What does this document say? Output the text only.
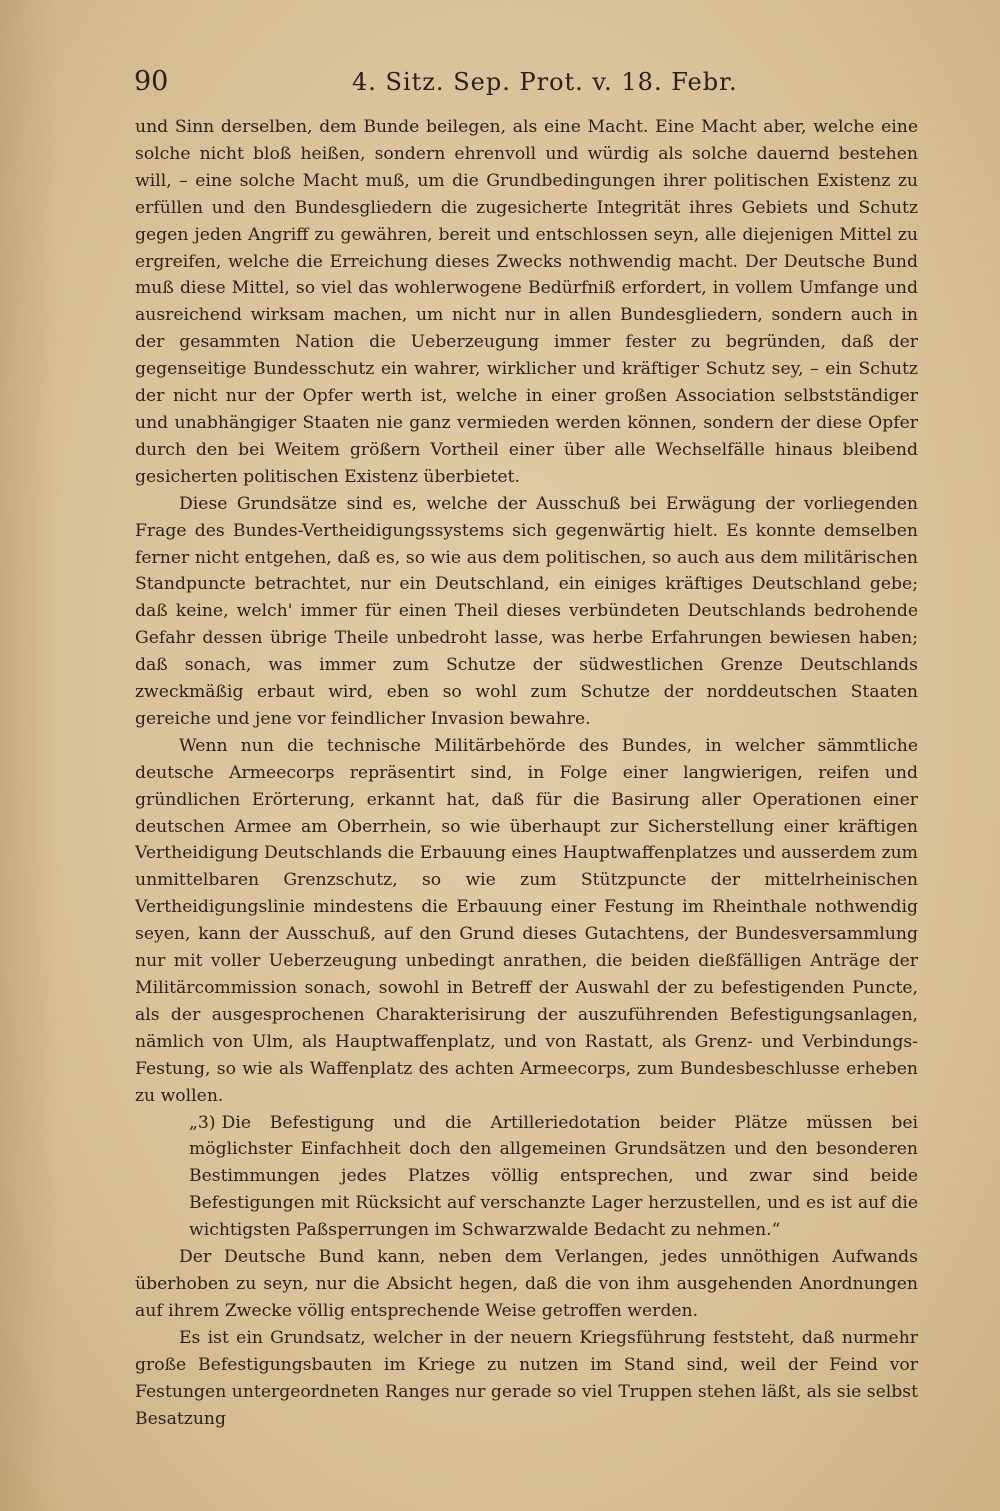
90	4. Sitz. Sep. Prot. v. 18. Febr.

und Sinn derselben, dem Bunde beilegen, als eine Macht. Eine Macht aber, welche eine solche nicht bloß heißen, sondern ehrenvoll und würdig als solche dauernd bestehen will, – eine solche Macht muß, um die Grundbedingungen ihrer politischen Existenz zu erfüllen und den Bundesgliedern die zugesicherte Integrität ihres Gebiets und Schutz gegen jeden Angriff zu gewähren, bereit und entschlossen seyn, alle diejenigen Mittel zu ergreifen, welche die Erreichung dieses Zwecks nothwendig macht. Der Deutsche Bund muß diese Mittel, so viel das wohlerwogene Bedürfniß erfordert, in vollem Umfange und ausreichend wirksam machen, um nicht nur in allen Bundesgliedern, sondern auch in der gesammten Nation die Ueberzeugung immer fester zu begründen, daß der gegenseitige Bundesschutz ein wahrer, wirklicher und kräftiger Schutz sey, – ein Schutz der nicht nur der Opfer werth ist, welche in einer großen Association selbstständiger und unabhängiger Staaten nie ganz vermieden werden können, sondern der diese Opfer durch den bei Weitem größern Vortheil einer über alle Wechselfälle hinaus bleibend gesicherten politischen Existenz überbietet.

Diese Grundsätze sind es, welche der Ausschuß bei Erwägung der vorliegenden Frage des Bundes-Vertheidigungssystems sich gegenwärtig hielt. Es konnte demselben ferner nicht entgehen, daß es, so wie aus dem politischen, so auch aus dem militärischen Standpuncte betrachtet, nur ein Deutschland, ein einiges kräftiges Deutschland gebe; daß keine, welch' immer für einen Theil dieses verbündeten Deutschlands bedrohende Gefahr dessen übrige Theile unbedroht lasse, was herbe Erfahrungen bewiesen haben; daß sonach, was immer zum Schutze der südwestlichen Grenze Deutschlands zweckmäßig erbaut wird, eben so wohl zum Schutze der norddeutschen Staaten gereiche und jene vor feindlicher Invasion bewahre.

Wenn nun die technische Militärbehörde des Bundes, in welcher sämmtliche deutsche Armeecorps repräsentirt sind, in Folge einer langwierigen, reifen und gründlichen Erörterung, erkannt hat, daß für die Basirung aller Operationen einer deutschen Armee am Oberrhein, so wie überhaupt zur Sicherstellung einer kräftigen Vertheidigung Deutschlands die Erbauung eines Hauptwaffenplatzes und ausserdem zum unmittelbaren Grenzschutz, so wie zum Stützpuncte der mittelrheinischen Vertheidigungslinie mindestens die Erbauung einer Festung im Rheinthale nothwendig seyen, kann der Ausschuß, auf den Grund dieses Gutachtens, der Bundesversammlung nur mit voller Ueberzeugung unbedingt anrathen, die beiden dießfälligen Anträge der Militärcommission sonach, sowohl in Betreff der Auswahl der zu befestigenden Puncte, als der ausgesprochenen Charakterisirung der auszuführenden Befestigungsanlagen, nämlich von Ulm, als Hauptwaffenplatz, und von Rastatt, als Grenz- und Verbindungs-Festung, so wie als Waffenplatz des achten Armeecorps, zum Bundesbeschlusse erheben zu wollen.

„3) Die Befestigung und die Artilleriedotation beider Plätze müssen bei möglichster Einfachheit doch den allgemeinen Grundsätzen und den besonderen Bestimmungen jedes Platzes völlig entsprechen, und zwar sind beide Befestigungen mit Rücksicht auf verschanzte Lager herzustellen, und es ist auf die wichtigsten Paßsperrungen im Schwarzwalde Bedacht zu nehmen.“

Der Deutsche Bund kann, neben dem Verlangen, jedes unnöthigen Aufwands überhoben zu seyn, nur die Absicht hegen, daß die von ihm ausgehenden Anordnungen auf ihrem Zwecke völlig entsprechende Weise getroffen werden.

Es ist ein Grundsatz, welcher in der neuern Kriegsführung feststeht, daß nurmehr große Befestigungsbauten im Kriege zu nutzen im Stand sind, weil der Feind vor Festungen untergeordneten Ranges nur gerade so viel Truppen stehen läßt, als sie selbst Besatzung
